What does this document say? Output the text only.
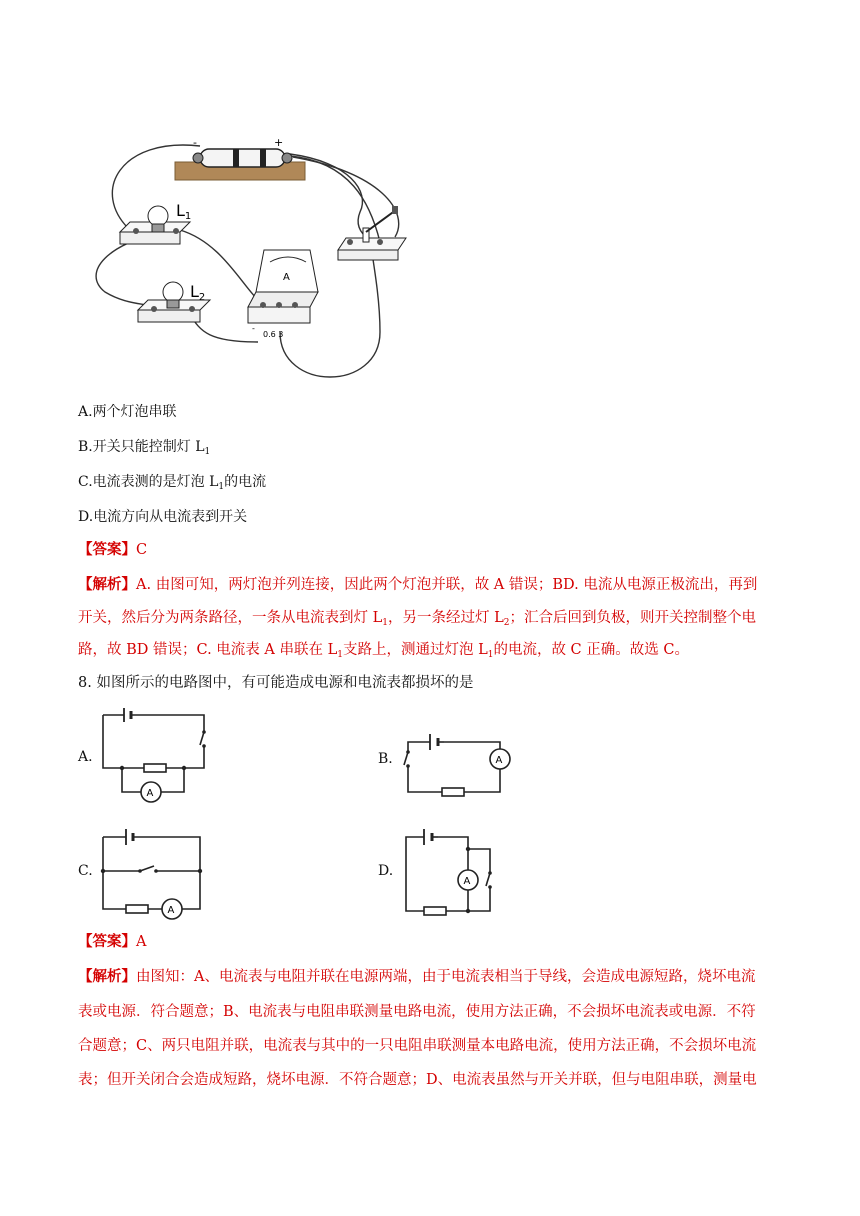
-	+
L1
L2
A
-
0.6 3
A.两个灯泡串联
B.开关只能控制灯 $L_1$
C.电流表测的是灯泡 $L_1$的电流
D.电流方向从电流表到开关
【答案】C
【解析】A. 由图可知，两灯泡并列连接，因此两个灯泡并联，故 A 错误；BD. 电流从电源正极流出，再到
开关，然后分为两条路径，一条从电流表到灯 $L_1$，另一条经过灯 $L_2$；汇合后回到负极，则开关控制整个电
路，故 BD 错误；C. 电流表 A 串联在 $L_1$支路上，测通过灯泡 $L_1$的电流，故 C 正确。故选 C。
8. 如图所示的电路图中，有可能造成电源和电流表都损坏的是
A.
A
B.	A
C.
A
D.
A
【答案】A
【解析】由图知：A、电流表与电阻并联在电源两端，由于电流表相当于导线，会造成电源短路，烧坏电流
表或电源．符合题意；B、电流表与电阻串联测量电路电流，使用方法正确，不会损坏电流表或电源．不符
合题意；C、两只电阻并联，电流表与其中的一只电阻串联测量本电路电流，使用方法正确，不会损坏电流
表；但开关闭合会造成短路，烧坏电源．不符合题意；D、电流表虽然与开关并联，但与电阻串联，测量电
